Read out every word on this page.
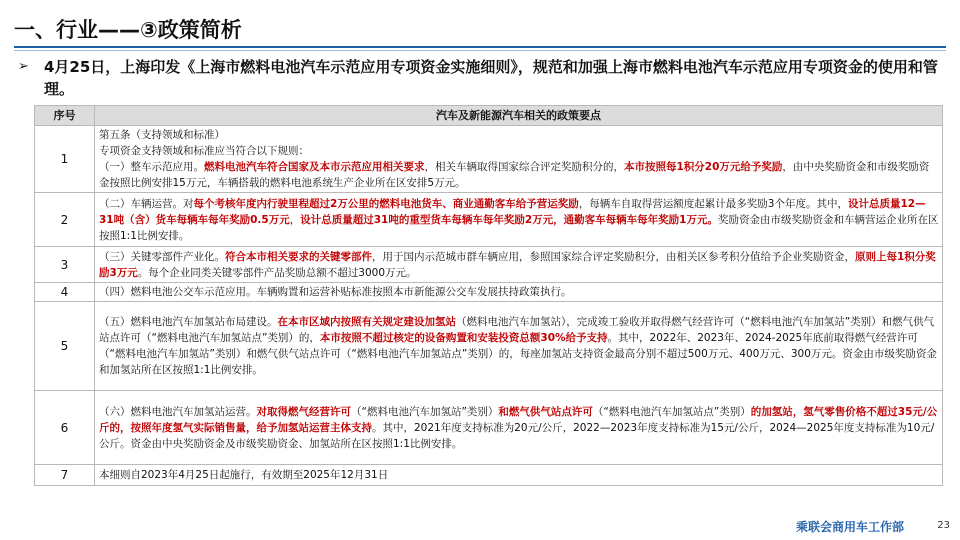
一、行业——③政策简析
➢	4月25日，上海印发《上海市燃料电池汽车示范应用专项资金实施细则》，规范和加强上海市燃料电池汽车示范应用专项资金的使用和管理。
序号	汽车及新能源汽车相关的政策要点
1	第五条（支持领域和标准）
专项资金支持领域和标准应当符合以下规则：
（一）整车示范应用。燃料电池汽车符合国家及本市示范应用相关要求，相关车辆取得国家综合评定奖励积分的，本市按照每1积分20万元给予奖励，由中央奖励资金和市级奖励资金按照比例安排15万元，车辆搭载的燃料电池系统生产企业所在区安排5万元。

2	（二）车辆运营。对每个考核年度内行驶里程超过2万公里的燃料电池货车、商业通勤客车给予营运奖励，每辆车自取得营运额度起累计最多奖励3个年度。其中，设计总质量12—31吨（含）货车每辆车每年奖励0.5万元，设计总质量超过31吨的重型货车每辆车每年奖励2万元，通勤客车每辆车每年奖励1万元。奖励资金由市级奖励资金和车辆营运企业所在区按照1:1比例安排。

3	（三）关键零部件产业化。符合本市相关要求的关键零部件，用于国内示范城市群车辆应用，参照国家综合评定奖励积分，由相关区参考积分值给予企业奖励资金，原则上每1积分奖励3万元。每个企业同类关键零部件产品奖励总额不超过3000万元。

4	（四）燃料电池公交车示范应用。车辆购置和运营补贴标准按照本市新能源公交车发展扶持政策执行。

5	（五）燃料电池汽车加氢站布局建设。在本市区域内按照有关规定建设加氢站（燃料电池汽车加氢站），完成竣工验收并取得燃气经营许可（“燃料电池汽车加氢站”类别）和燃气供气站点许可（“燃料电池汽车加氢站点”类别）的，本市按照不超过核定的设备购置和安装投资总额30%给予支持。其中，2022年、2023年、2024-2025年底前取得燃气经营许可（“燃料电池汽车加氢站”类别）和燃气供气站点许可（“燃料电池汽车加氢站点”类别）的，每座加氢站支持资金最高分别不超过500万元、400万元、300万元。资金由市级奖励资金和加氢站所在区按照1:1比例安排。

6	（六）燃料电池汽车加氢站运营。对取得燃气经营许可（“燃料电池汽车加氢站”类别）和燃气供气站点许可（“燃料电池汽车加氢站点”类别）的加氢站，氢气零售价格不超过35元/公斤的，按照年度氢气实际销售量，给予加氢站运营主体支持。其中，2021年度支持标准为20元/公斤，2022—2023年度支持标准为15元/公斤，2024—2025年度支持标准为10元/公斤。资金由中央奖励资金及市级奖励资金、加氢站所在区按照1:1比例安排。

7	本细则自2023年4月25日起施行，有效期至2025年12月31日
乘联会商用车工作部	23
